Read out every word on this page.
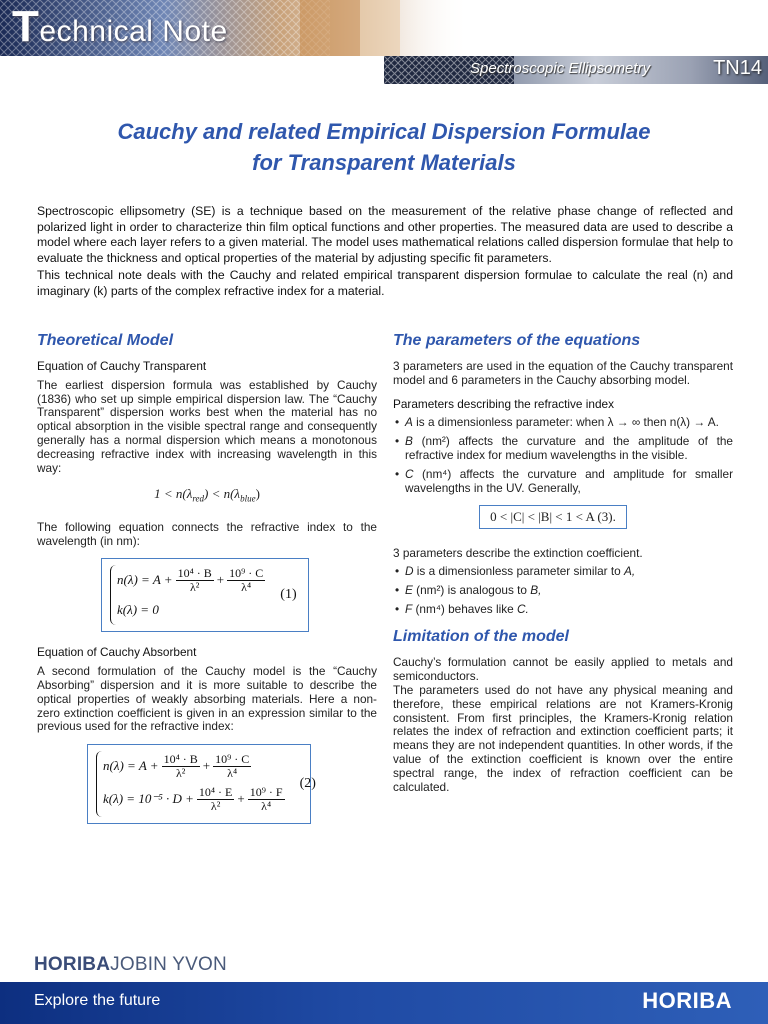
Technical Note
Spectroscopic Ellipsometry	TN14
Cauchy and related Empirical Dispersion Formulae
for Transparent Materials

Spectroscopic ellipsometry (SE) is a technique based on the measurement of the relative phase change of reflected and polarized light in order to characterize thin film optical functions and other properties. The measured data are used to describe a model where each layer refers to a given material. The model uses mathematical relations called dispersion formulae that help to evaluate the thickness and optical properties of the material by adjusting specific fit parameters.

This technical note deals with the Cauchy and related empirical transparent dispersion formulae to calculate the real (n) and imaginary (k) parts of the complex refractive index for a material.

Theoretical Model
Equation of Cauchy Transparent

The earliest dispersion formula was established by Cauchy (1836) who set up simple empirical dispersion law. The “Cauchy Transparent” dispersion works best when the material has no optical absorption in the visible spectral range and consequently generally has a normal dispersion which means a monotonous decreasing refractive index with increasing wavelength in this way:

$1 < n(\lambda_{red}) < n(\lambda_{blue})$

The following equation connects the refractive index to the wavelength (in nm):

$n(\lambda) = A + \frac{\text{10⁴ · B}}{\text{λ²}} + \frac{\text{10⁹ · C}}{\text{λ⁴}}$
k(λ) = 0
(1)
Equation of Cauchy Absorbent

A second formulation of the Cauchy model is the “Cauchy Absorbing” dispersion and it is more suitable to describe the optical properties of weakly absorbing materials. Here a non-zero extinction coefficient is given in an expression similar to the previous used for the refractive index:

$n(\lambda) = A + \frac{\text{10⁴ · B}}{\text{λ²}} + \frac{\text{10⁹ · C}}{\text{λ⁴}}$
$k(\lambda) = 10^{-5} \cdot D + \frac{\text{10⁴ · E}}{\text{λ²}} + \frac{\text{10⁹ · F}}{\text{λ⁴}}$
(2)
The parameters of the equations

3 parameters are used in the equation of the Cauchy transparent model and 6 parameters in the Cauchy absorbing model.

Parameters describing the refractive index
• A is a dimensionless parameter: when λ → ∞ then n(λ) → A.
• B (nm²) affects the curvature and the amplitude of the refractive index for medium wavelengths in the visible.
• C (nm⁴) affects the curvature and amplitude for smaller wavelengths in the UV. Generally,
0 < |C| < |B| < 1 < A (3).

3 parameters describe the extinction coefficient.

• D is a dimensionless parameter similar to A,
• E (nm²) is analogous to B,
• F (nm⁴) behaves like C.
Limitation of the model

Cauchy’s formulation cannot be easily applied to metals and semiconductors.

The parameters used do not have any physical meaning and therefore, these empirical relations are not Kramers-Kronig consistent. From first principles, the Kramers-Kronig relation relates the index of refraction and extinction coefficient parts; it means they are not independent quantities. In other words, if the value of the extinction coefficient is known over the entire spectral range, the index of refraction coefficient can be calculated.

HORIBAJOBIN YVON
Explore the future	HORIBA
